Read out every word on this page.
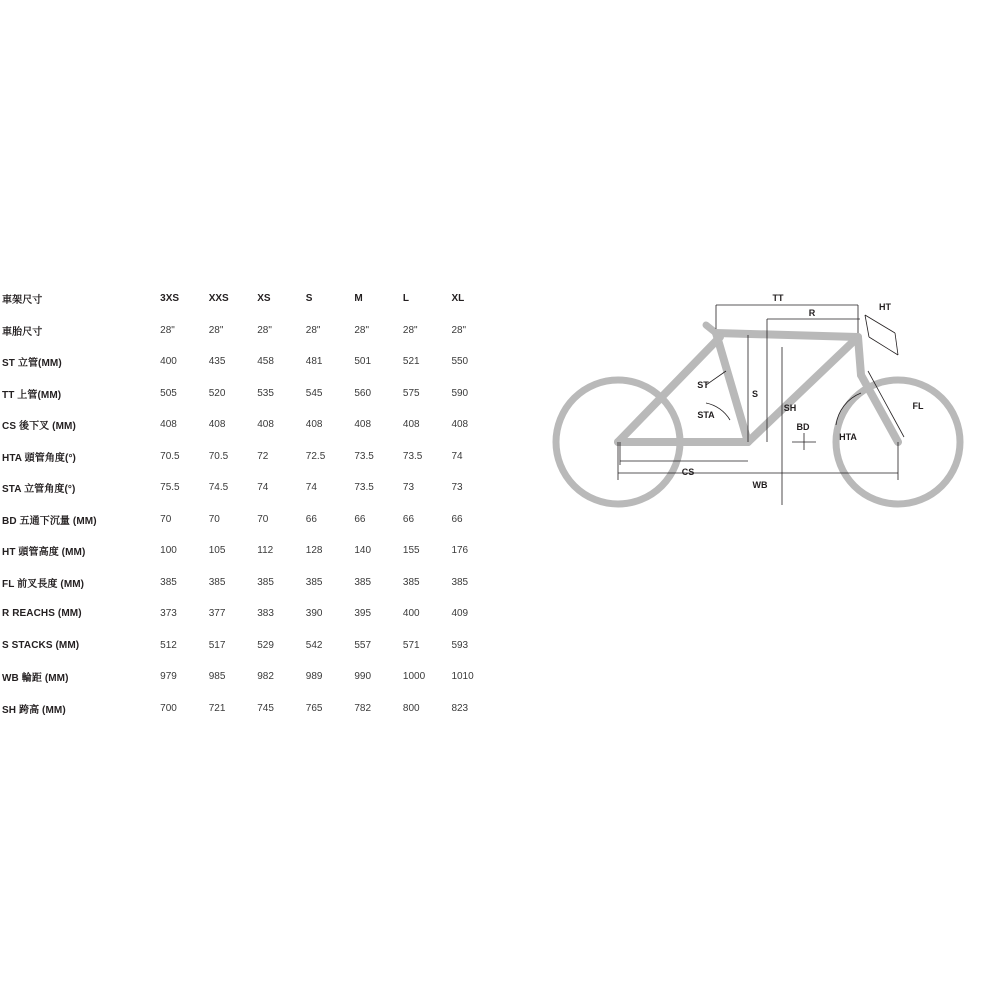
車架尺寸	3XS	XXS	XS	S	M	L	XL
車胎尺寸	28"	28"	28"	28"	28"	28"	28"
ST 立管(MM)	400	435	458	481	501	521	550
TT 上管(MM)	505	520	535	545	560	575	590
CS 後下叉 (MM)	408	408	408	408	408	408	408
HTA 頭管角度(°)	70.5	70.5	72	72.5	73.5	73.5	74
STA 立管角度(°)	75.5	74.5	74	74	73.5	73	73
BD 五通下沉量 (MM)	70	70	70	66	66	66	66
HT 頭管高度 (MM)	100	105	112	128	140	155	176
FL 前叉長度 (MM)	385	385	385	385	385	385	385
R REACHS (MM)	373	377	383	390	395	400	409
S STACKS (MM)	512	517	529	542	557	571	593
WB 輪距 (MM)	979	985	982	989	990	1000	1010
SH 跨高 (MM)	700	721	745	765	782	800	823
TT
R
HT
ST
S
SH	FL
STA
HTA
BD
CS
WB
